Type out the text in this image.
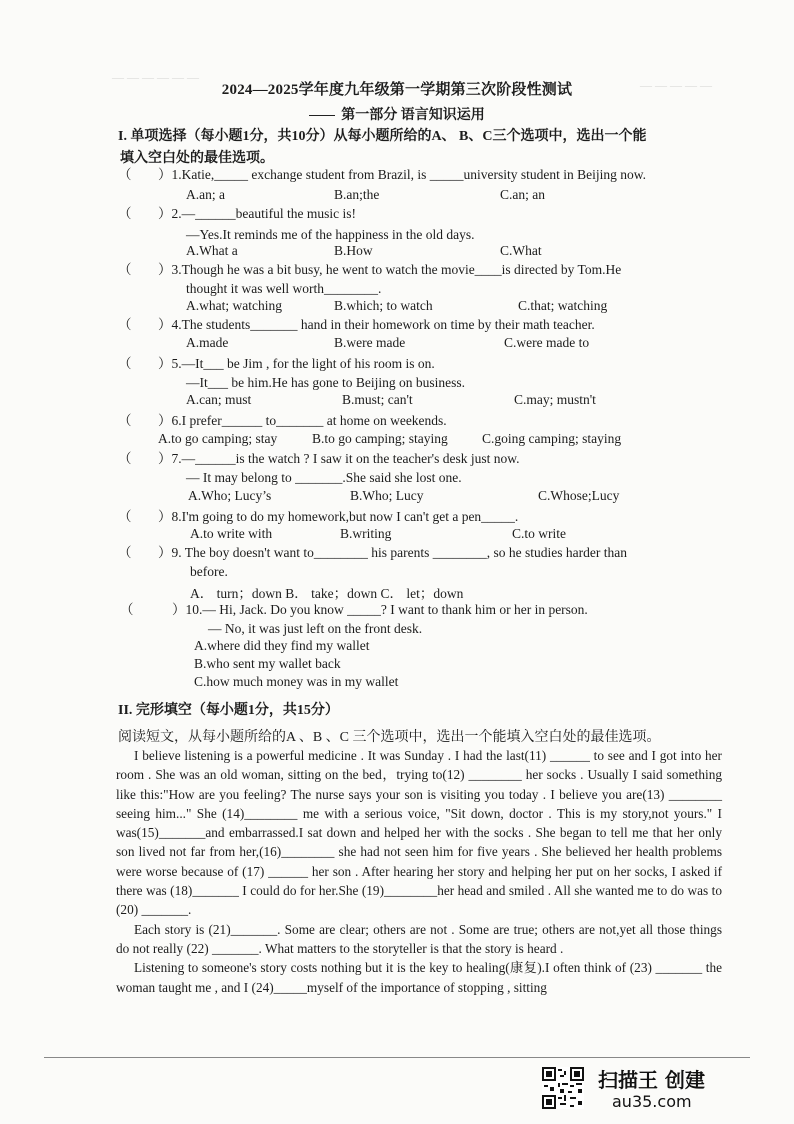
— — — — — —
— — — — —
2024—2025学年度九年级第一学期第三次阶段性测试
第一部分 语言知识运用
I. 单项选择（每小题1分，共10分）从每小题所给的A、 B、C三个选项中，选出一个能
填入空白处的最佳选项。
（ ）1.Katie,_____ exchange student from Brazil, is _____university student in Beijing now.
A.an; a	B.an;the	C.an; an
（ ）2.—______beautiful the music is!
—Yes.It reminds me of the happiness in the old days.
A.What a	B.How	C.What
（ ）3.Though he was a bit busy, he went to watch the movie____is directed by Tom.He
thought it was well worth________.
A.what; watching	B.which; to watch	C.that; watching
（ ）4.The students_______ hand in their homework on time by their math teacher.
A.made	B.were made	C.were made to
（ ）5.—It___ be Jim , for the light of his room is on.
—It___ be him.He has gone to Beijing on business.
A.can; must	B.must; can't	C.may; mustn't
（ ）6.I prefer______ to_______ at home on weekends.
A.to go camping; stay	B.to go camping; staying	C.going camping; staying
（ ）7.—______is the watch ? I saw it on the teacher's desk just now.
— It may belong to _______.She said she lost one.
A.Who; Lucy’s	B.Who; Lucy	C.Whose;Lucy
（ ）8.I'm going to do my homework,but now I can't get a pen_____.
A.to write with	B.writing	C.to write
（ ）9. The boy doesn't want to________ his parents ________, so he studies harder than
before.
A． turn；down B． take；down C． let；down
（	）10.— Hi, Jack. Do you know _____? I want to thank him or her in person.
— No, it was just left on the front desk.
A.where did they find my wallet
B.who sent my wallet back
C.how much money was in my wallet
II. 完形填空（每小题1分，共15分）
阅读短文，从每小题所给的A 、B 、C 三个选项中，选出一个能填入空白处的最佳选项。

I believe listening is a powerful medicine . It was Sunday . I had the last(11) ______ to see and I got into her room . She was an old woman, sitting on the bed，trying to(12) ________ her socks . Usually I said something like this:"How are you feeling? The nurse says your son is visiting you today . I believe you are(13) ________ seeing him..." She (14)________ me with a serious voice, "Sit down, doctor . This is my story,not yours." I was(15)_______and embarrassed.I sat down and helped her with the socks . She began to tell me that her only son lived not far from her,(16)________ she had not seen him for five years . She believed her health problems were worse because of (17) ______ her son . After hearing her story and helping her put on her socks, I asked if there was (18)_______ I could do for her.She (19)________her head and smiled . All she wanted me to do was to (20) _______.

Each story is (21)_______. Some are clear; others are not . Some are true; others are not,yet all those things do not really (22) _______. What matters to the storyteller is that the story is heard .

Listening to someone's story costs nothing but it is the key to healing(康复).I often think of (23) _______ the woman taught me , and I (24)_____myself of the importance of stopping , sitting

扫描王 创建
au35.com
